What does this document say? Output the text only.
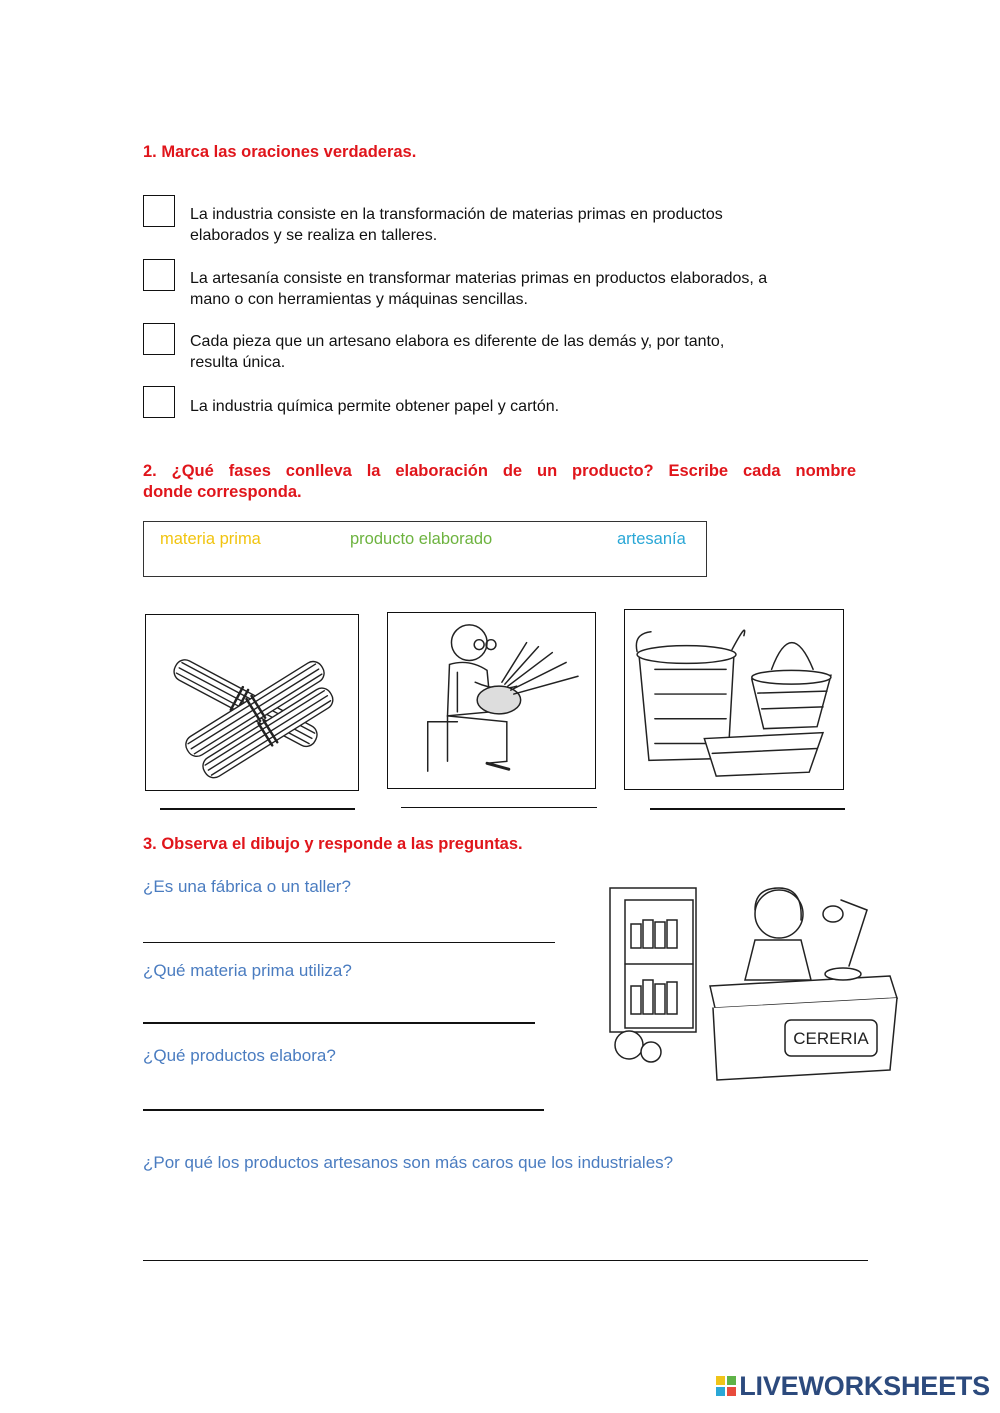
1. Marca las oraciones verdaderas.
La industria consiste en la transformación de materias primas en productos
elaborados y se realiza en talleres.
La artesanía consiste en transformar materias primas en productos elaborados, a
mano o con herramientas y máquinas sencillas.
Cada pieza que un artesano elabora es diferente de las demás y, por tanto,
resulta única.
La industria química permite obtener papel y cartón.
2. ¿Qué fases conlleva la elaboración de un producto? Escribe cada nombre
donde corresponda.
materia prima	producto elaborado	artesanía
3. Observa el dibujo y responde a las preguntas.
¿Es una fábrica o un taller?
¿Qué materia prima utiliza?
¿Qué productos elabora?
¿Por qué los productos artesanos son más caros que los industriales?
CERERIA
LIVEWORKSHEETS
